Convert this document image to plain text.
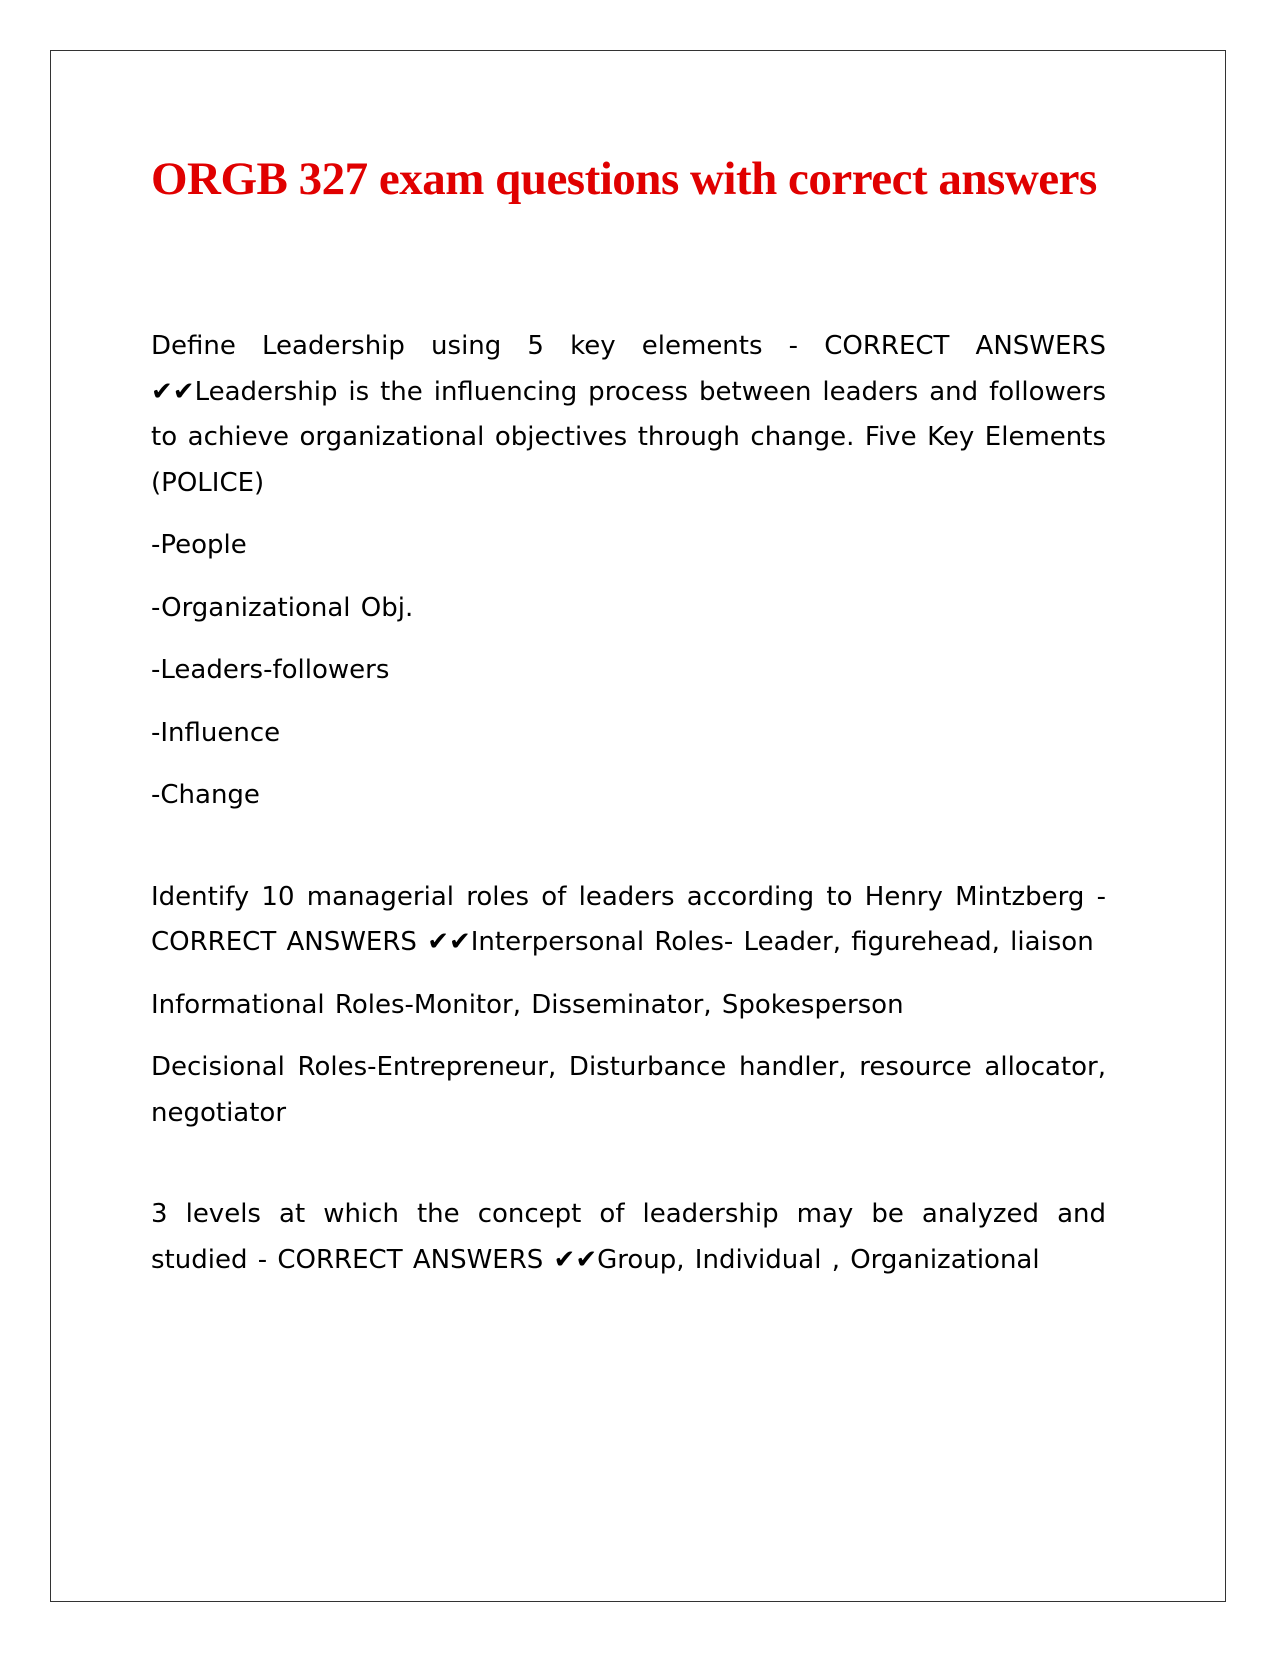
ORGB 327 exam questions with correct answers

Define Leadership using 5 key elements - CORRECT ANSWERS ✔✔Leadership is the influencing process between leaders and followers to achieve organizational objectives through change. Five Key Elements (POLICE)

-People

-Organizational Obj.

-Leaders-followers

-Influence

-Change

Identify 10 managerial roles of leaders according to Henry Mintzberg - CORRECT ANSWERS ✔✔Interpersonal Roles- Leader, figurehead, liaison

Informational Roles-Monitor, Disseminator, Spokesperson

Decisional Roles-Entrepreneur, Disturbance handler, resource allocator, negotiator

3 levels at which the concept of leadership may be analyzed and studied - CORRECT ANSWERS ✔✔Group, Individual , Organizational
